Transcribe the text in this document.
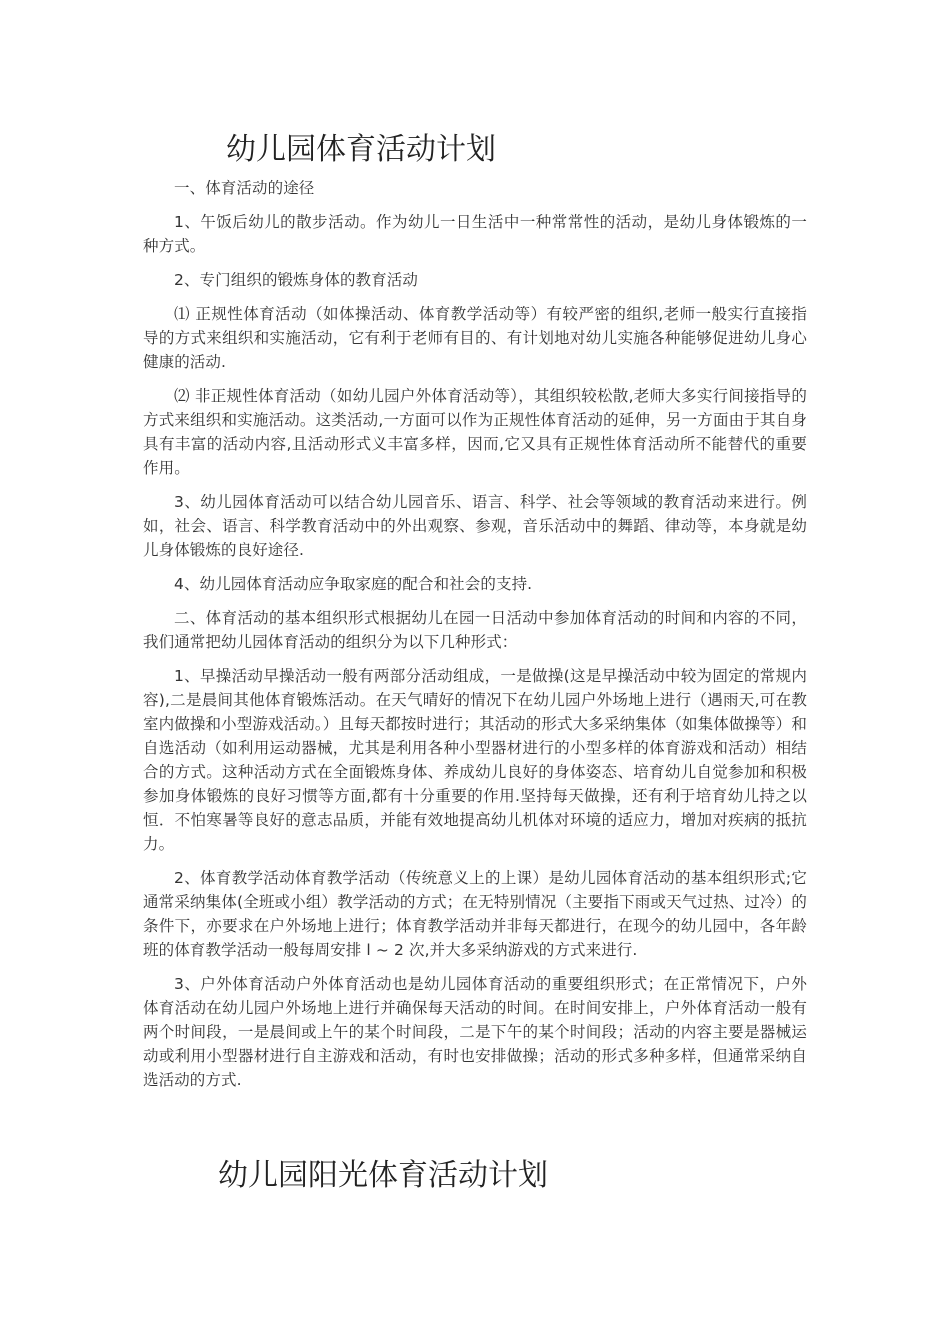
幼儿园体育活动计划

一、体育活动的途径

1、午饭后幼儿的散步活动。作为幼儿一日生活中一种常常性的活动，是幼儿身体锻炼的一种方式。

2、专门组织的锻炼身体的教育活动

⑴ 正规性体育活动（如体操活动、体育教学活动等）有较严密的组织,老师一般实行直接指导的方式来组织和实施活动，它有利于老师有目的、有计划地对幼儿实施各种能够促进幼儿身心健康的活动.

⑵ 非正规性体育活动（如幼儿园户外体育活动等），其组织较松散,老师大多实行间接指导的方式来组织和实施活动。这类活动,一方面可以作为正规性体育活动的延伸，另一方面由于其自身具有丰富的活动内容,且活动形式义丰富多样，因而,它又具有正规性体育活动所不能替代的重要作用。

3、幼儿园体育活动可以结合幼儿园音乐、语言、科学、社会等领域的教育活动来进行。例如，社会、语言、科学教育活动中的外出观察、参观，音乐活动中的舞蹈、律动等，本身就是幼儿身体锻炼的良好途径.

4、幼儿园体育活动应争取家庭的配合和社会的支持.

二、体育活动的基本组织形式根据幼儿在园一日活动中参加体育活动的时间和内容的不同，我们通常把幼儿园体育活动的组织分为以下几种形式：

1、早操活动早操活动一般有两部分活动组成，一是做操(这是早操活动中较为固定的常规内容),二是晨间其他体育锻炼活动。在天气晴好的情况下在幼儿园户外场地上进行（遇雨天,可在教室内做操和小型游戏活动。）且每天都按时进行；其活动的形式大多采纳集体（如集体做操等）和自选活动（如利用运动器械，尤其是利用各种小型器材进行的小型多样的体育游戏和活动）相结合的方式。这种活动方式在全面锻炼身体、养成幼儿良好的身体姿态、培育幼儿自觉参加和积极参加身体锻炼的良好习惯等方面,都有十分重要的作用.坚持每天做操，还有利于培育幼儿持之以恒．不怕寒暑等良好的意志品质，并能有效地提高幼儿机体对环境的适应力，增加对疾病的抵抗力。

2、体育教学活动体育教学活动（传统意义上的上课）是幼儿园体育活动的基本组织形式;它通常采纳集体(全班或小组）教学活动的方式；在无特别情况（主要指下雨或天气过热、过冷）的条件下，亦要求在户外场地上进行；体育教学活动并非每天都进行，在现今的幼儿园中，各年龄班的体育教学活动一般每周安排 l ~ 2 次,并大多采纳游戏的方式来进行.

3、户外体育活动户外体育活动也是幼儿园体育活动的重要组织形式；在正常情况下，户外体育活动在幼儿园户外场地上进行并确保每天活动的时间。在时间安排上，户外体育活动一般有两个时间段，一是晨间或上午的某个时间段，二是下午的某个时间段；活动的内容主要是器械运动或利用小型器材进行自主游戏和活动，有时也安排做操；活动的形式多种多样，但通常采纳自选活动的方式.

幼儿园阳光体育活动计划
